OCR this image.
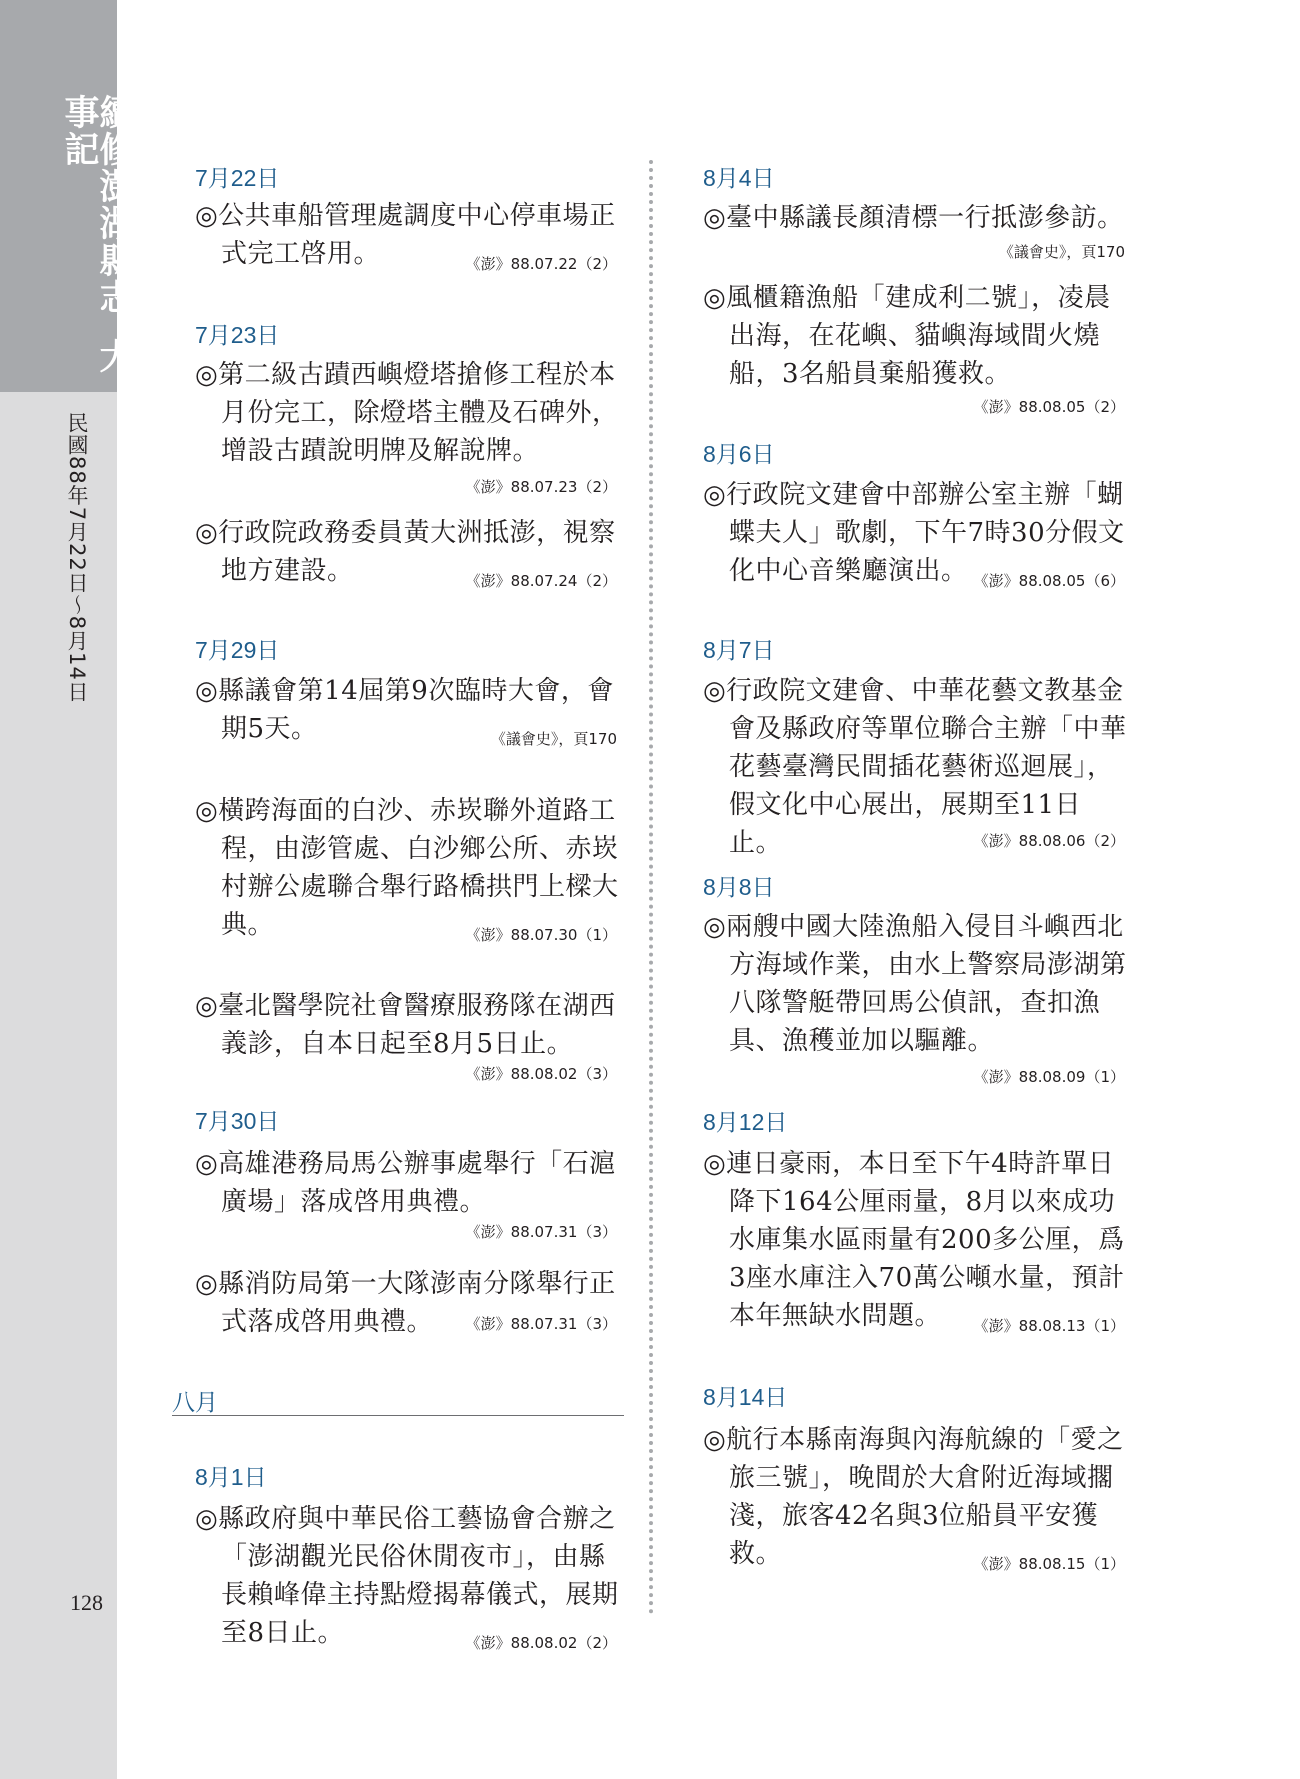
續修澎湖縣志大事記
民國88年7月22日～8月14日
128
7月22日

◎公共車船管理處調度中心停車場正式完工啓用。	《澎》88.07.22（2）
7月23日

◎第二級古蹟西嶼燈塔搶修工程於本月份完工，除燈塔主體及石碑外，增設古蹟說明牌及解說牌。

《澎》88.07.23（2）

◎行政院政務委員黃大洲抵澎，視察地方建設。	《澎》88.07.24（2）
7月29日

◎縣議會第14屆第9次臨時大會，會期5天。	《議會史》，頁170

◎橫跨海面的白沙、赤崁聯外道路工程，由澎管處、白沙鄉公所、赤崁村辦公處聯合舉行路橋拱門上樑大典。	《澎》88.07.30（1）

◎臺北醫學院社會醫療服務隊在湖西義診，自本日起至8月5日止。

《澎》88.08.02（3）
7月30日

◎高雄港務局馬公辦事處舉行「石滬廣場」落成啓用典禮。

《澎》88.07.31（3）

◎縣消防局第一大隊澎南分隊舉行正式落成啓用典禮。	《澎》88.07.31（3）
八月
8月1日

◎縣政府與中華民俗工藝協會合辦之「澎湖觀光民俗休閒夜市」，由縣長賴峰偉主持點燈揭幕儀式，展期至8日止。	《澎》88.08.02（2）
8月4日

◎臺中縣議長顏清標一行抵澎參訪。

《議會史》，頁170

◎風櫃籍漁船「建成利二號」，凌晨出海，在花嶼、貓嶼海域間火燒船，3名船員棄船獲救。

《澎》88.08.05（2）
8月6日

◎行政院文建會中部辦公室主辦「蝴蝶夫人」歌劇，下午7時30分假文化中心音樂廳演出。 《澎》88.08.05（6）
8月7日

◎行政院文建會、中華花藝文教基金會及縣政府等單位聯合主辦「中華花藝臺灣民間插花藝術巡迴展」，假文化中心展出，展期至11日止。	《澎》88.08.06（2）
8月8日

◎兩艘中國大陸漁船入侵目斗嶼西北方海域作業，由水上警察局澎湖第八隊警艇帶回馬公偵訊，查扣漁具、漁穫並加以驅離。

《澎》88.08.09（1）
8月12日

◎連日豪雨，本日至下午4時許單日降下164公厘雨量，8月以來成功水庫集水區雨量有200多公厘，爲3座水庫注入70萬公噸水量，預計本年無缺水問題。	《澎》88.08.13（1）
8月14日

◎航行本縣南海與內海航線的「愛之旅三號」，晚間於大倉附近海域擱淺，旅客42名與3位船員平安獲救。	《澎》88.08.15（1）
